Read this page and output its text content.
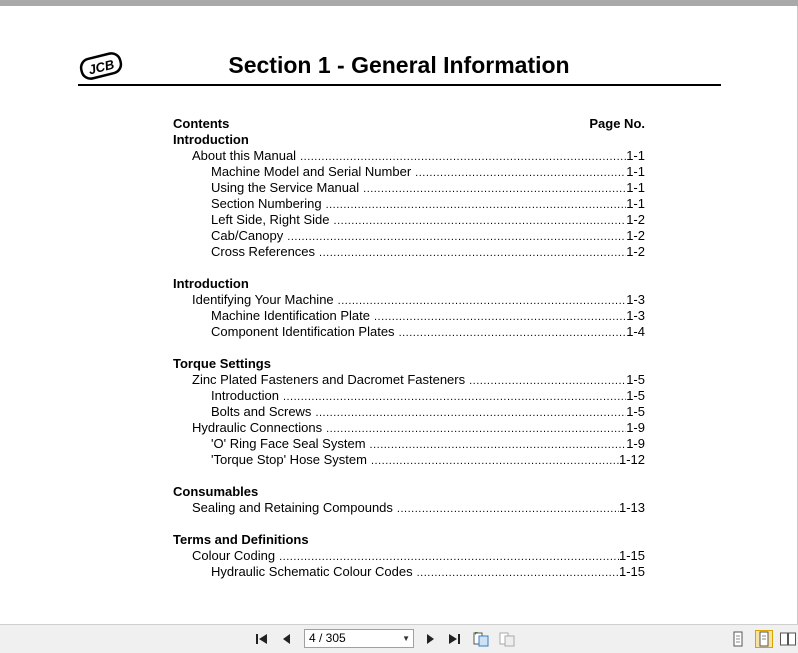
JCB	Section 1 - General Information
Contents	Page No.
Introduction
About this Manual .....	1-1
Machine Model and Serial Number .....	1-1
Using the Service Manual .....	1-1
Section Numbering .....	1-1
Left Side, Right Side .....	1-2
Cab/Canopy .....	1-2
Cross References .....	1-2
Introduction
Identifying Your Machine .....	1-3
Machine Identification Plate .....	1-3
Component Identification Plates .....	1-4
Torque Settings
Zinc Plated Fasteners and Dacromet Fasteners .....	1-5
Introduction .....	1-5
Bolts and Screws .....	1-5
Hydraulic Connections .....	1-9
'O' Ring Face Seal System .....	1-9
'Torque Stop' Hose System .....	1-12
Consumables
Sealing and Retaining Compounds .....	1-13
Terms and Definitions
Colour Coding .....	1-15
Hydraulic Schematic Colour Codes .....	1-15
4 / 305	▼
